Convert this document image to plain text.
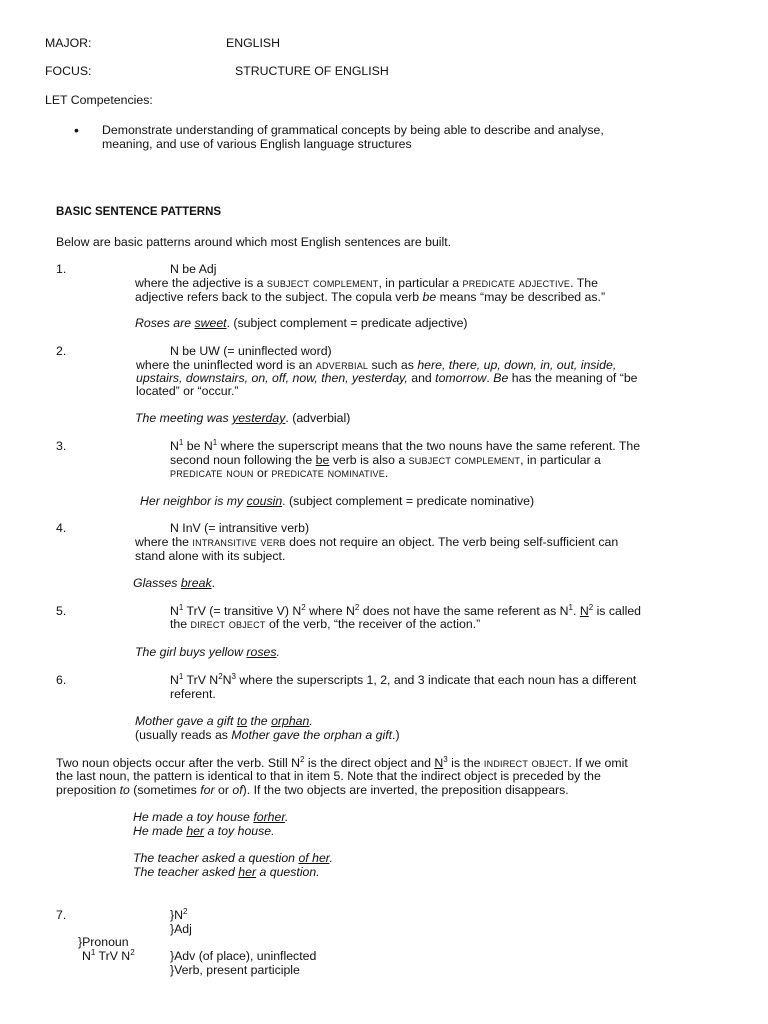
MAJOR:	ENGLISH
FOCUS:	STRUCTURE OF ENGLISH
LET Competencies:
• Demonstrate understanding of grammatical concepts by being able to describe and analyse,
meaning, and use of various English language structures
BASIC SENTENCE PATTERNS
Below are basic patterns around which most English sentences are built.
1.	N be Adj
where the adjective is a subject complement, in particular a predicate adjective. The
adjective refers back to the subject. The copula verb be means “may be described as.”
Roses are sweet. (subject complement = predicate adjective)
2.	N be UW (= uninflected word)
where the uninflected word is an adverbial such as here, there, up, down, in, out, inside,
upstairs, downstairs, on, off, now, then, yesterday, and tomorrow. Be has the meaning of “be
located” or “occur.”
The meeting was yesterday. (adverbial)
3.	$N^1$ be $N^1$ where the superscript means that the two nouns have the same referent. The
second noun following the be verb is also a subject complement, in particular a
predicate noun or predicate nominative.
Her neighbor is my cousin. (subject complement = predicate nominative)
4.	N InV (= intransitive verb)
where the intransitive verb does not require an object. The verb being self-sufficient can
stand alone with its subject.
Glasses break.
5.	$N^1$ TrV (= transitive V) $N^2$ where $N^2$ does not have the same referent as $N^1$. $N^2$ is called
the direct object of the verb, “the receiver of the action.”
The girl buys yellow roses.
6.	$N^1$ TrV $N^2N^3$ where the superscripts 1, 2, and 3 indicate that each noun has a different
referent.
Mother gave a gift to the orphan.
(usually reads as Mother gave the orphan a gift.)
Two noun objects occur after the verb. Still $N^2$ is the direct object and $N^3$ is the indirect object. If we omit
the last noun, the pattern is identical to that in item 5. Note that the indirect object is preceded by the
preposition to (sometimes for or of). If the two objects are inverted, the preposition disappears.
He made a toy house forher.
He made her a toy house.
The teacher asked a question of her.
The teacher asked her a question.
7.	}$N^2$
}Adj
}Pronoun
$N^1$ TrV $N^2$	}Adv (of place), uninflected
}Verb, present participle
